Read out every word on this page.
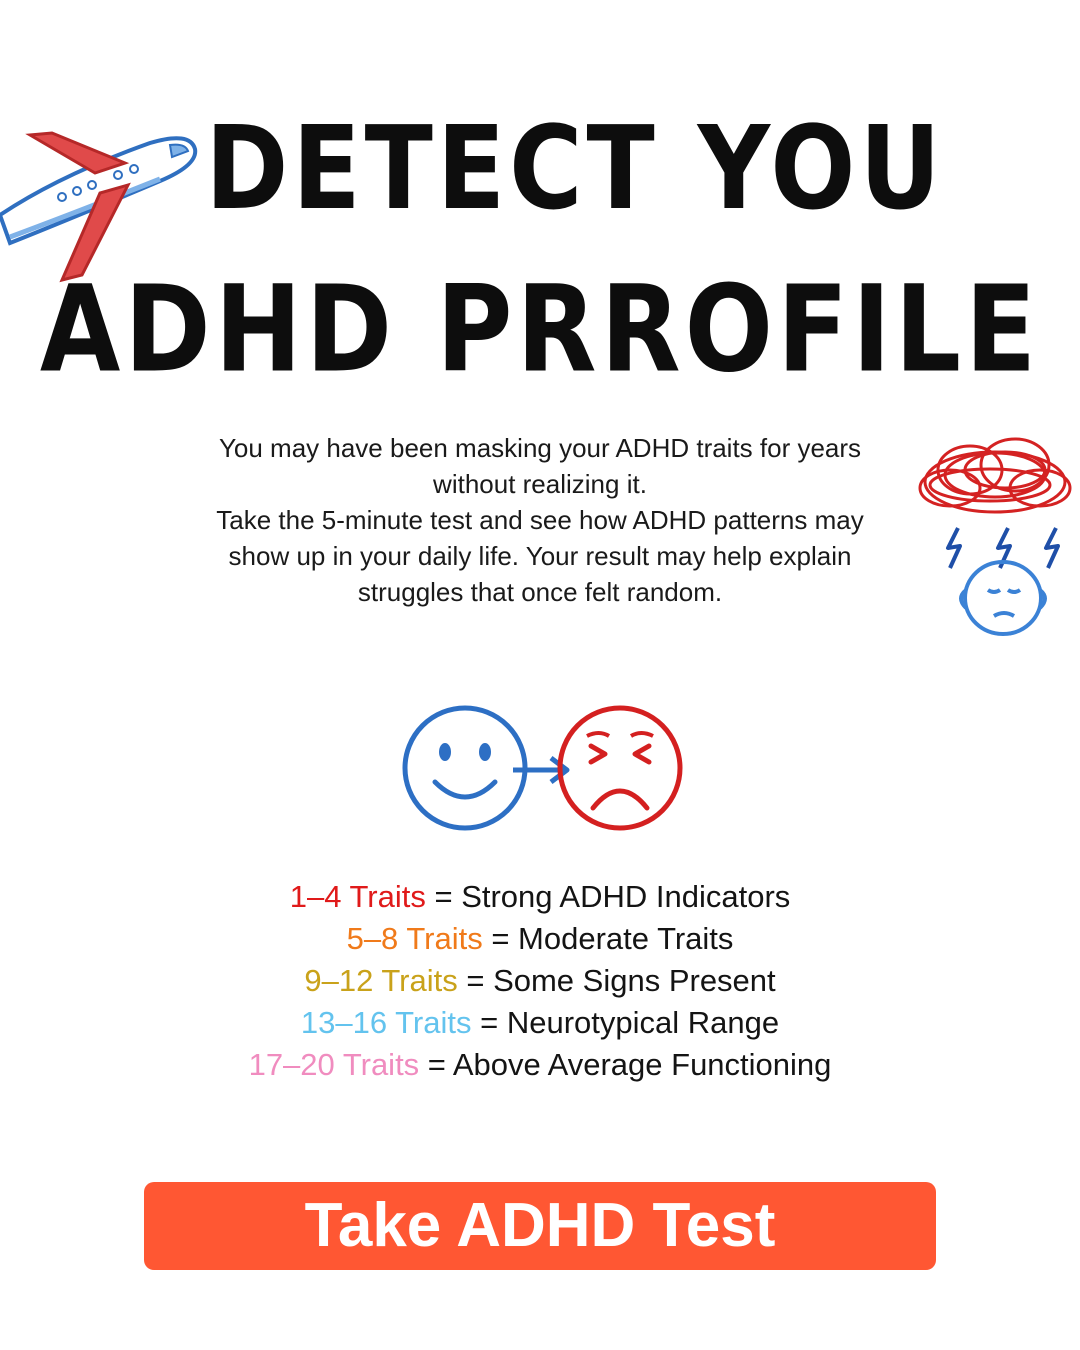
DETECT YOU
ADHD PRROFILE

You may have been masking your ADHD traits for years without realizing it.

Take the 5-minute test and see how ADHD patterns may show up in your daily life. Your result may help explain struggles that once felt random.

1–4 Traits = Strong ADHD Indicators
5–8 Traits = Moderate Traits
9–12 Traits = Some Signs Present
13–16 Traits = Neurotypical Range
17–20 Traits = Above Average Functioning
Take ADHD Test
